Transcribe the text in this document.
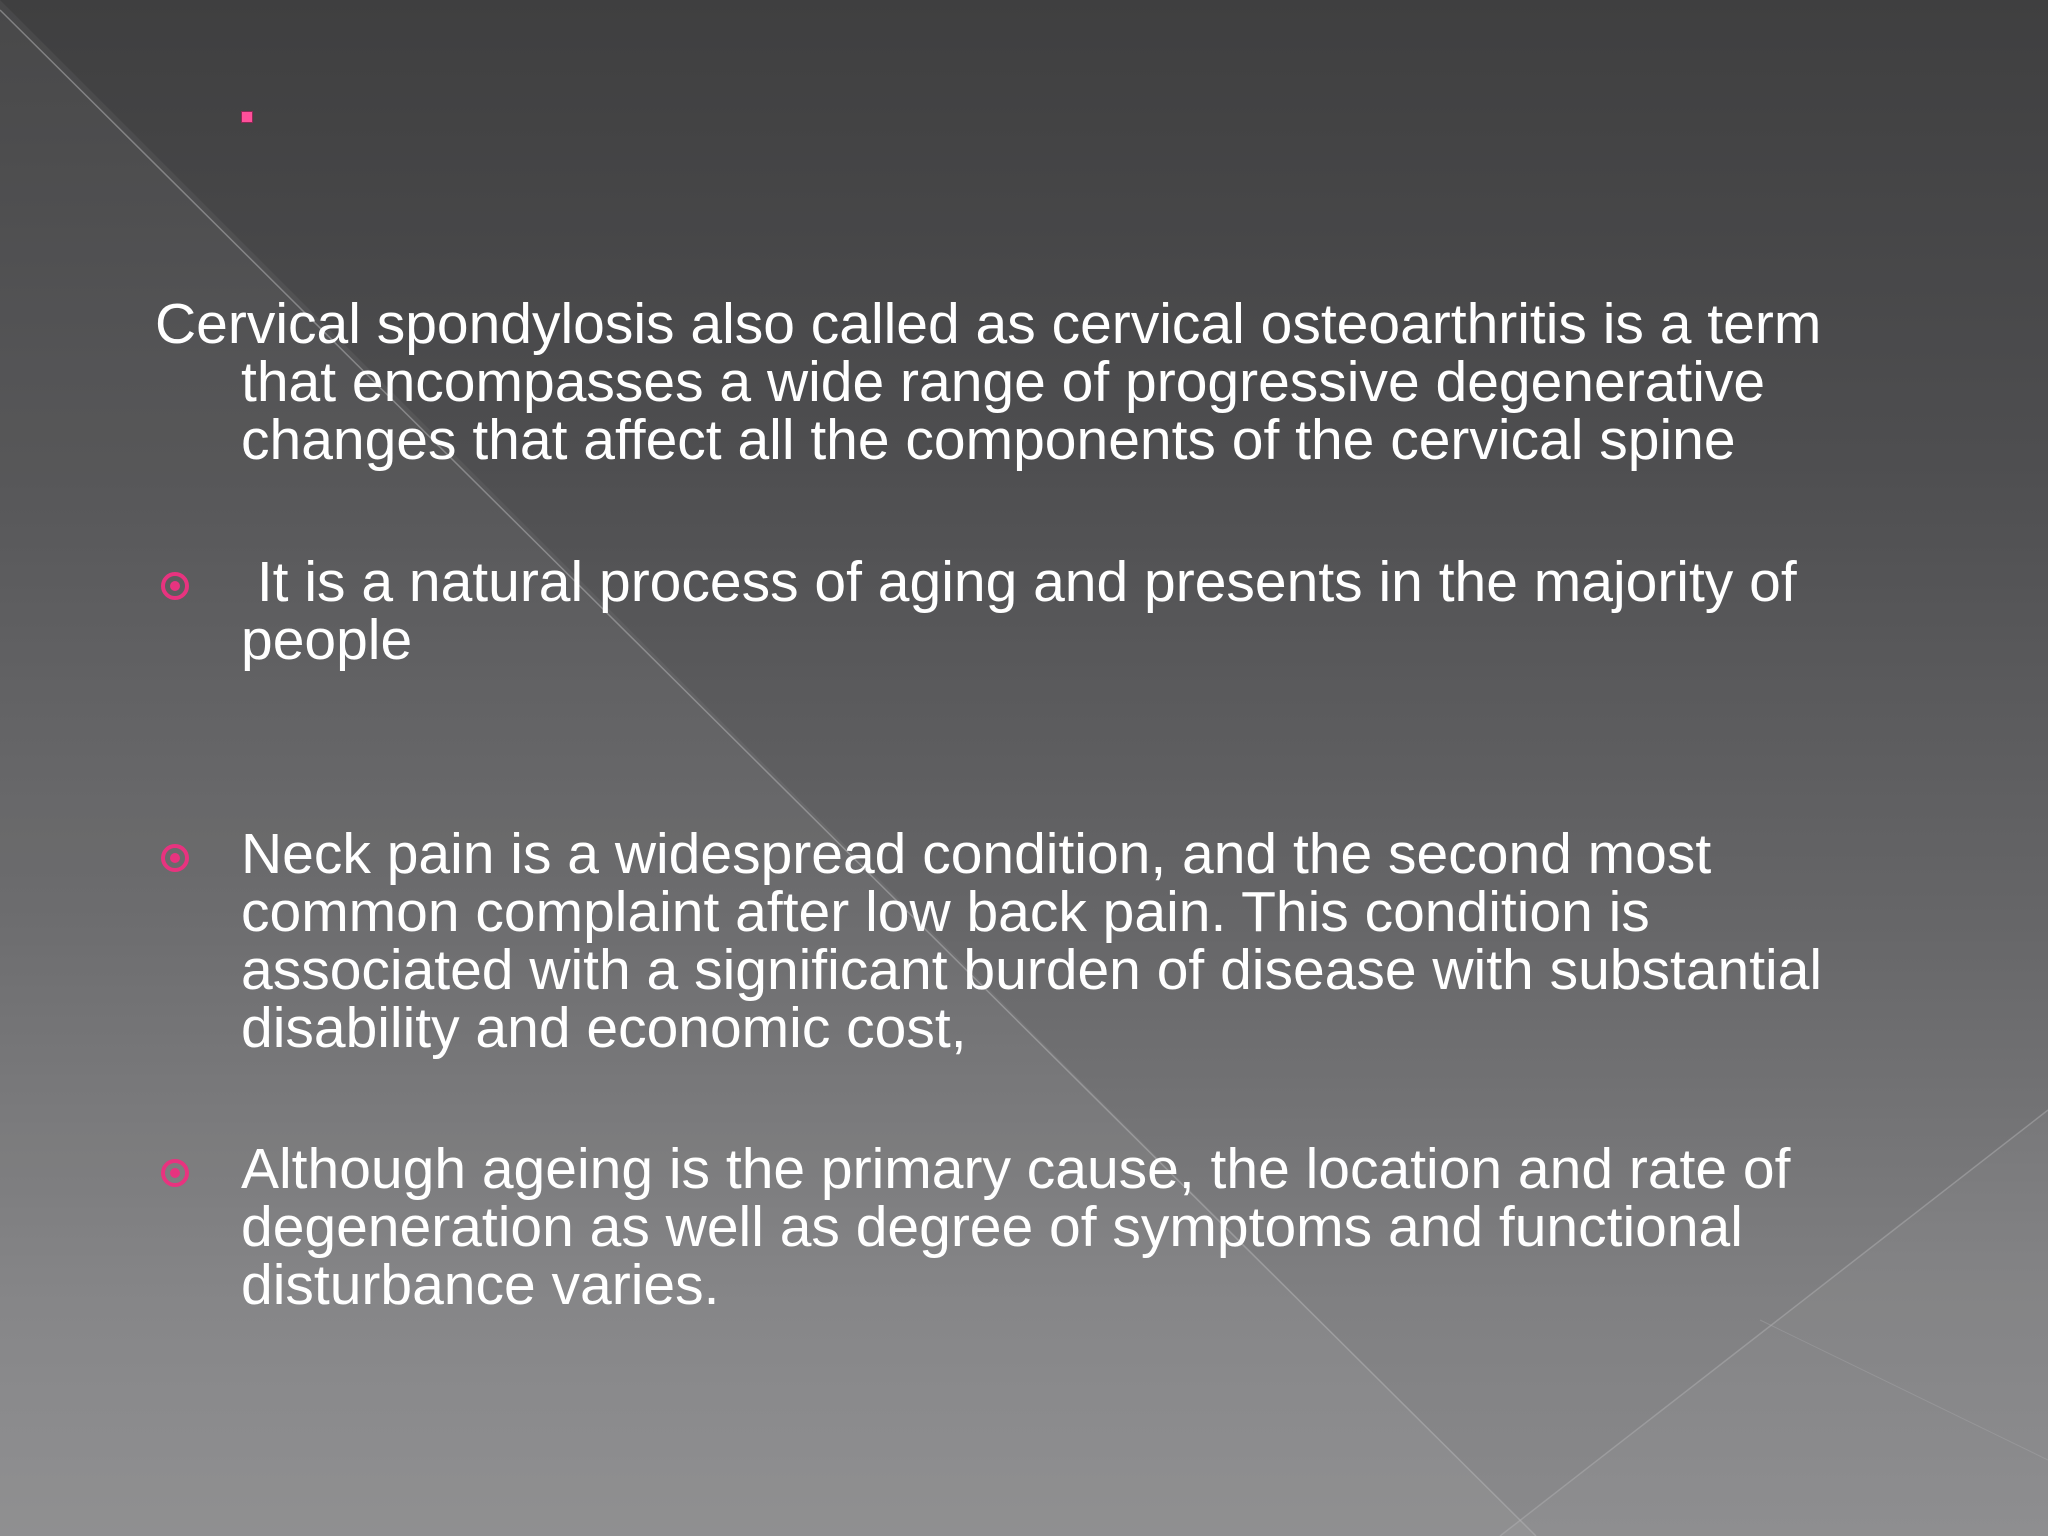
Cervical spondylosis also called as cervical osteoarthritis is a term
that encompasses a wide range of progressive degenerative
changes that affect all the components of the cervical spine
It is a natural process of aging and presents in the majority of
people
Neck pain is a widespread condition, and the second most
common complaint after low back pain. This condition is
associated with a significant burden of disease with substantial
disability and economic cost,
Although ageing is the primary cause, the location and rate of
degeneration as well as degree of symptoms and functional
disturbance varies.
